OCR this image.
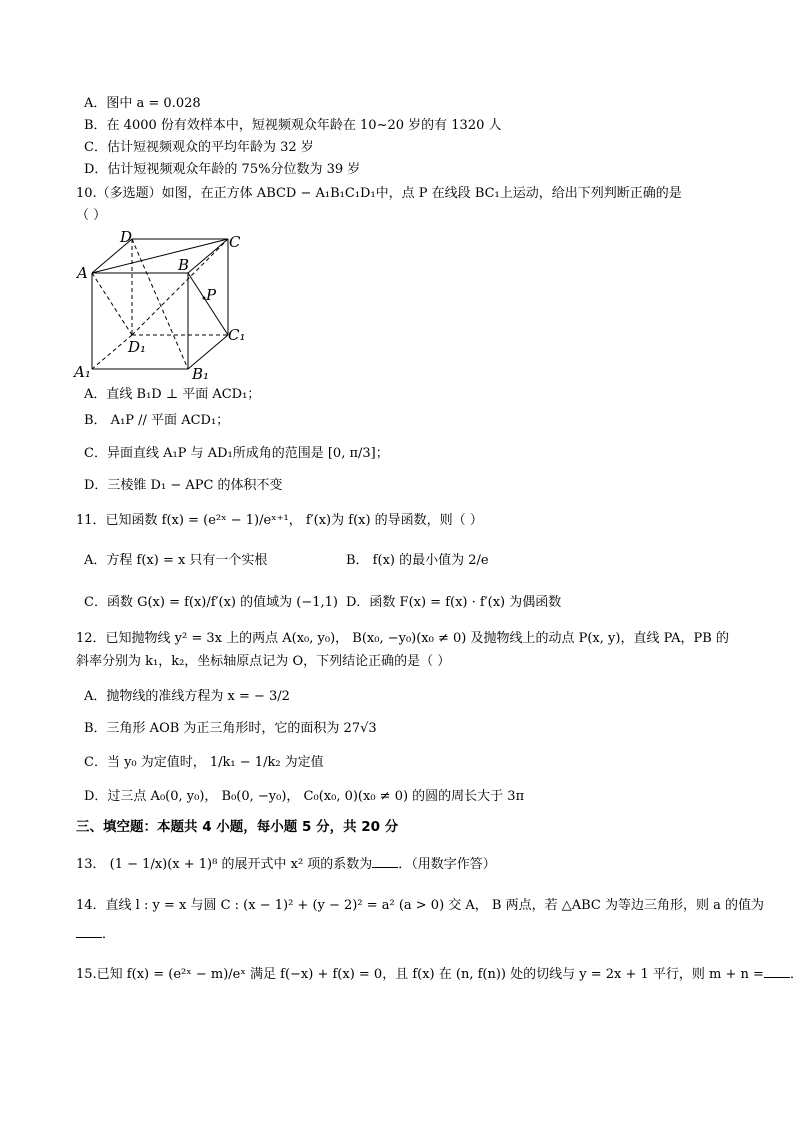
A．图中 a = 0.028
B．在 4000 份有效样本中，短视频观众年龄在 10~20 岁的有 1320 人
C．估计短视频观众的平均年龄为 32 岁
D．估计短视频观众年龄的 75%分位数为 39 岁
10.（多选题）如图，在正方体 ABCD − A₁B₁C₁D₁中，点 P 在线段 BC₁上运动，给出下列判断正确的是
（ ）
D	C
A	B
P
C₁
D₁
A₁	B₁
A．直线 B₁D ⊥ 平面 ACD₁；
B． A₁P // 平面 ACD₁；
C．异面直线 A₁P 与 AD₁所成角的范围是 [0, π/3]；
D．三棱锥 D₁ − APC 的体积不变
11．已知函数 f(x) = (e²ˣ − 1)/eˣ⁺¹， f′(x)为 f(x) 的导函数，则（ ）
A．方程 f(x) = x 只有一个实根	B． f(x) 的最小值为 2/e
C．函数 G(x) = f(x)/f′(x) 的值域为 (−1,1) D．函数 F(x) = f(x) · f′(x) 为偶函数
12．已知抛物线 y² = 3x 上的两点 A(x₀, y₀)， B(x₀, −y₀)(x₀ ≠ 0) 及抛物线上的动点 P(x, y)，直线 PA，PB 的
斜率分别为 k₁，k₂，坐标轴原点记为 O，下列结论正确的是（ ）
A．抛物线的准线方程为 x = − 3/2
B．三角形 AOB 为正三角形时，它的面积为 27√3
C．当 y₀ 为定值时， 1/k₁ − 1/k₂ 为定值
D．过三点 A₀(0, y₀)， B₀(0, −y₀)， C₀(x₀, 0)(x₀ ≠ 0) 的圆的周长大于 3π
三、填空题：本题共 4 小题，每小题 5 分，共 20 分
13． (1 − 1/x)(x + 1)⁸ 的展开式中 x² 项的系数为 ．（用数字作答）
14．直线 l : y = x 与圆 C : (x − 1)² + (y − 2)² = a² (a > 0) 交 A， B 两点，若 △ABC 为等边三角形，则 a 的值为
．
15.已知 f(x) = (e²ˣ − m)/eˣ 满足 f(−x) + f(x) = 0，且 f(x) 在 (n, f(n)) 处的切线与 y = 2x + 1 平行，则 m + n = ．
